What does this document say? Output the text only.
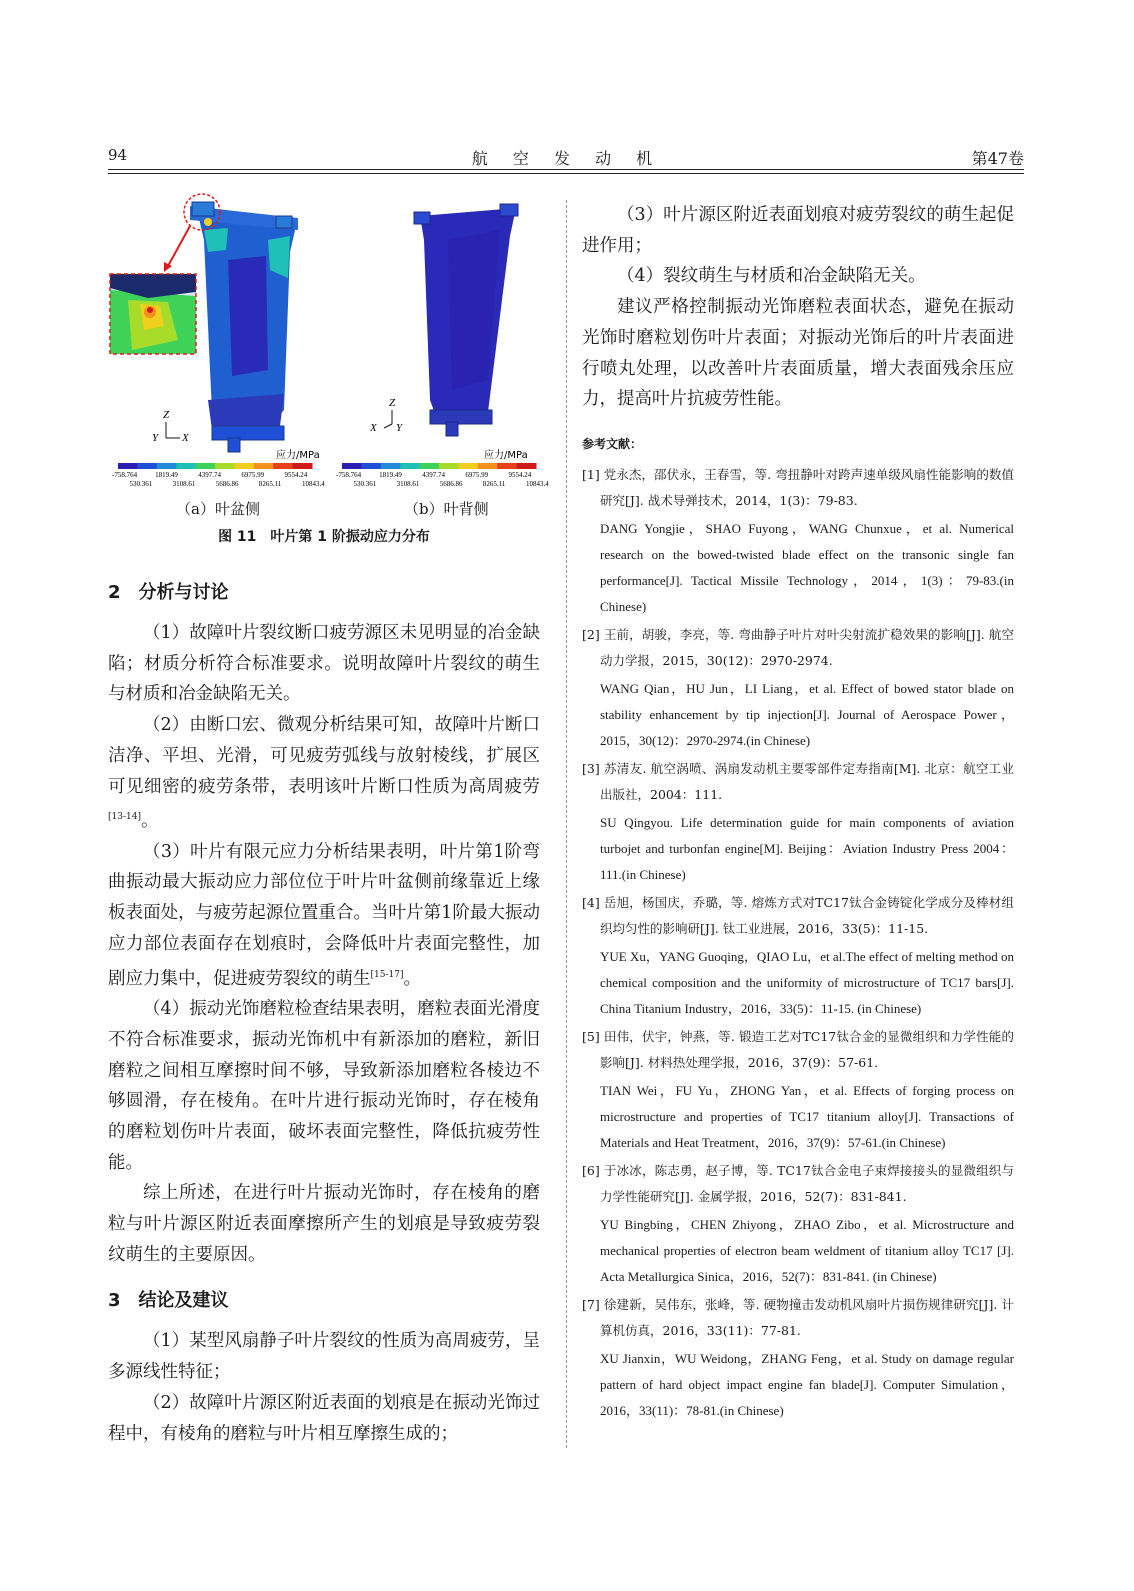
94	航 空 发 动 机	第47卷
Z
Y X
Z
X Y
应力/MPa	应力/MPa
-758.764	1819.49	4397.74	6975.99	9554.24
530.361	3108.61	5686.86	8265.11	10843.4
-758.764	1819.49	4397.74	6975.99	9554.24
530.361	3108.61	5686.86	8265.11	10843.4
（a）叶盆侧	（b）叶背侧
图 11　叶片第 1 阶振动应力分布
2　分析与讨论

（1）故障叶片裂纹断口疲劳源区未见明显的冶金缺陷；材质分析符合标准要求。说明故障叶片裂纹的萌生与材质和冶金缺陷无关。

（2）由断口宏、微观分析结果可知，故障叶片断口洁净、平坦、光滑，可见疲劳弧线与放射棱线，扩展区可见细密的疲劳条带，表明该叶片断口性质为高周疲劳[13-14]。

（3）叶片有限元应力分析结果表明，叶片第1阶弯曲振动最大振动应力部位位于叶片叶盆侧前缘靠近上缘板表面处，与疲劳起源位置重合。当叶片第1阶最大振动应力部位表面存在划痕时，会降低叶片表面完整性，加剧应力集中，促进疲劳裂纹的萌生[15-17]。

（4）振动光饰磨粒检查结果表明，磨粒表面光滑度不符合标准要求，振动光饰机中有新添加的磨粒，新旧磨粒之间相互摩擦时间不够，导致新添加磨粒各棱边不够圆滑，存在棱角。在叶片进行振动光饰时，存在棱角的磨粒划伤叶片表面，破坏表面完整性，降低抗疲劳性能。

综上所述，在进行叶片振动光饰时，存在棱角的磨粒与叶片源区附近表面摩擦所产生的划痕是导致疲劳裂纹萌生的主要原因。

3　结论及建议

（1）某型风扇静子叶片裂纹的性质为高周疲劳，呈多源线性特征；

（2）故障叶片源区附近表面的划痕是在振动光饰过程中，有棱角的磨粒与叶片相互摩擦生成的；

（3）叶片源区附近表面划痕对疲劳裂纹的萌生起促进作用；

（4）裂纹萌生与材质和冶金缺陷无关。

建议严格控制振动光饰磨粒表面状态，避免在振动光饰时磨粒划伤叶片表面；对振动光饰后的叶片表面进行喷丸处理，以改善叶片表面质量，增大表面残余压应力，提高叶片抗疲劳性能。

参考文献：

[1] 党永杰，邵伏永，王春雪，等. 弯扭静叶对跨声速单级风扇性能影响的数值研究[J]. 战术导弹技术，2014，1(3)：79-83.

DANG Yongjie，SHAO Fuyong，WANG Chunxue，et al. Numerical research on the bowed-twisted blade effect on the transonic single fan performance[J]. Tactical Missile Technology，2014，1(3)：79-83.(in Chinese)

[2] 王前，胡骏，李亮，等. 弯曲静子叶片对叶尖射流扩稳效果的影响[J]. 航空动力学报，2015，30(12)：2970-2974.

WANG Qian，HU Jun，LI Liang，et al. Effect of bowed stator blade on stability enhancement by tip injection[J]. Journal of Aerospace Power，2015，30(12)：2970-2974.(in Chinese)

[3] 苏清友. 航空涡喷、涡扇发动机主要零部件定寿指南[M]. 北京：航空工业出版社，2004：111.

SU Qingyou. Life determination guide for main components of aviation turbojet and turbonfan engine[M]. Beijing：Aviation Industry Press 2004：111.(in Chinese)

[4] 岳旭，杨国庆，乔璐，等. 熔炼方式对TC17钛合金铸锭化学成分及棒材组织均匀性的影响研[J]. 钛工业进展，2016，33(5)：11-15.

YUE Xu，YANG Guoqing，QIAO Lu，et al.The effect of melting method on chemical composition and the uniformity of microstructure of TC17 bars[J]. China Titanium Industry，2016，33(5)：11-15. (in Chinese)

[5] 田伟，伏宇，钟燕，等. 锻造工艺对TC17钛合金的显微组织和力学性能的影响[J]. 材料热处理学报，2016，37(9)：57-61.

TIAN Wei，FU Yu，ZHONG Yan，et al. Effects of forging process on microstructure and properties of TC17 titanium alloy[J]. Transactions of Materials and Heat Treatment，2016，37(9)：57-61.(in Chinese)

[6] 于冰冰，陈志勇，赵子博，等. TC17钛合金电子束焊接接头的显微组织与力学性能研究[J]. 金属学报，2016，52(7)：831-841.

YU Bingbing，CHEN Zhiyong，ZHAO Zibo，et al. Microstructure and mechanical properties of electron beam weldment of titanium alloy TC17 [J]. Acta Metallurgica Sinica，2016，52(7)：831-841. (in Chinese)

[7] 徐建新，吴伟东，张峰，等. 硬物撞击发动机风扇叶片损伤规律研究[J]. 计算机仿真，2016，33(11)：77-81.

XU Jianxin，WU Weidong，ZHANG Feng，et al. Study on damage regular pattern of hard object impact engine fan blade[J]. Computer Simulation，2016，33(11)：78-81.(in Chinese)
